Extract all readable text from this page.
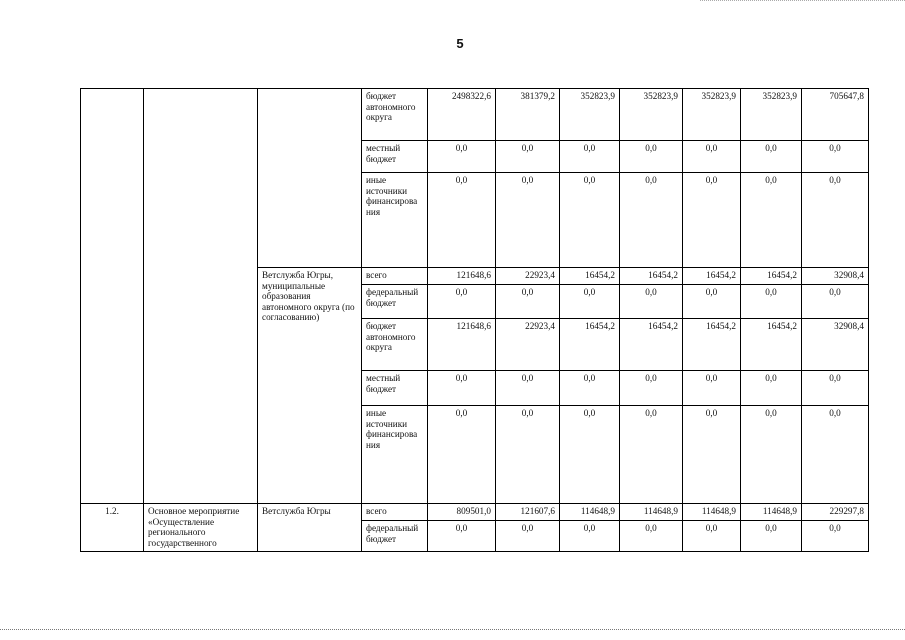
5
			бюджет автономного округа	2498322,6	381379,2	352823,9	352823,9	352823,9	352823,9	705647,8
			местный бюджет	0,0	0,0	0,0	0,0	0,0	0,0	0,0
			иные источники финансирова ния	0,0	0,0	0,0	0,0	0,0	0,0	0,0
		Ветслужба Югры, муниципальные образования автономного округа (по согласованию)	всего	121648,6	22923,4	16454,2	16454,2	16454,2	16454,2	32908,4
			федеральный бюджет	0,0	0,0	0,0	0,0	0,0	0,0	0,0
			бюджет автономного округа	121648,6	22923,4	16454,2	16454,2	16454,2	16454,2	32908,4
			местный бюджет	0,0	0,0	0,0	0,0	0,0	0,0	0,0
			иные источники финансирова ния	0,0	0,0	0,0	0,0	0,0	0,0	0,0
1.2.	Основное мероприятие «Осуществление регионального государственного	Ветслужба Югры	всего	809501,0	121607,6	114648,9	114648,9	114648,9	114648,9	229297,8
			федеральный бюджет	0,0	0,0	0,0	0,0	0,0	0,0	0,0
